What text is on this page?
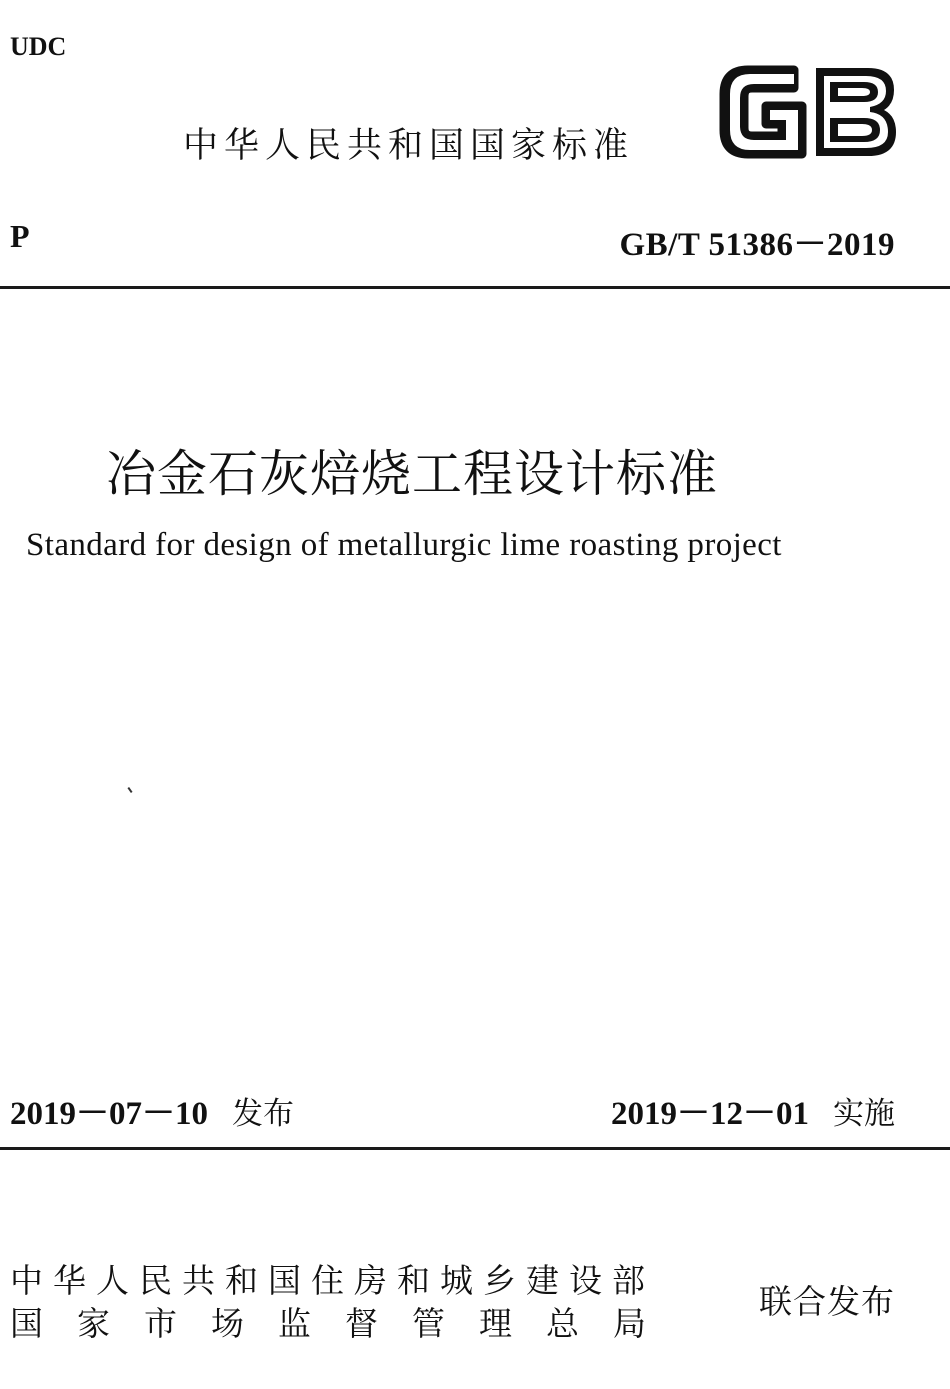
UDC
中华人民共和国国家标准
P	GB/T 51386－2019
冶金石灰焙烧工程设计标准
Standard for design of metallurgic lime roasting project
2019－07－10 发布	2019－12－01 实施
中华人民共和国住房和城乡建设部
国家市场监督管理总局
联合发布
